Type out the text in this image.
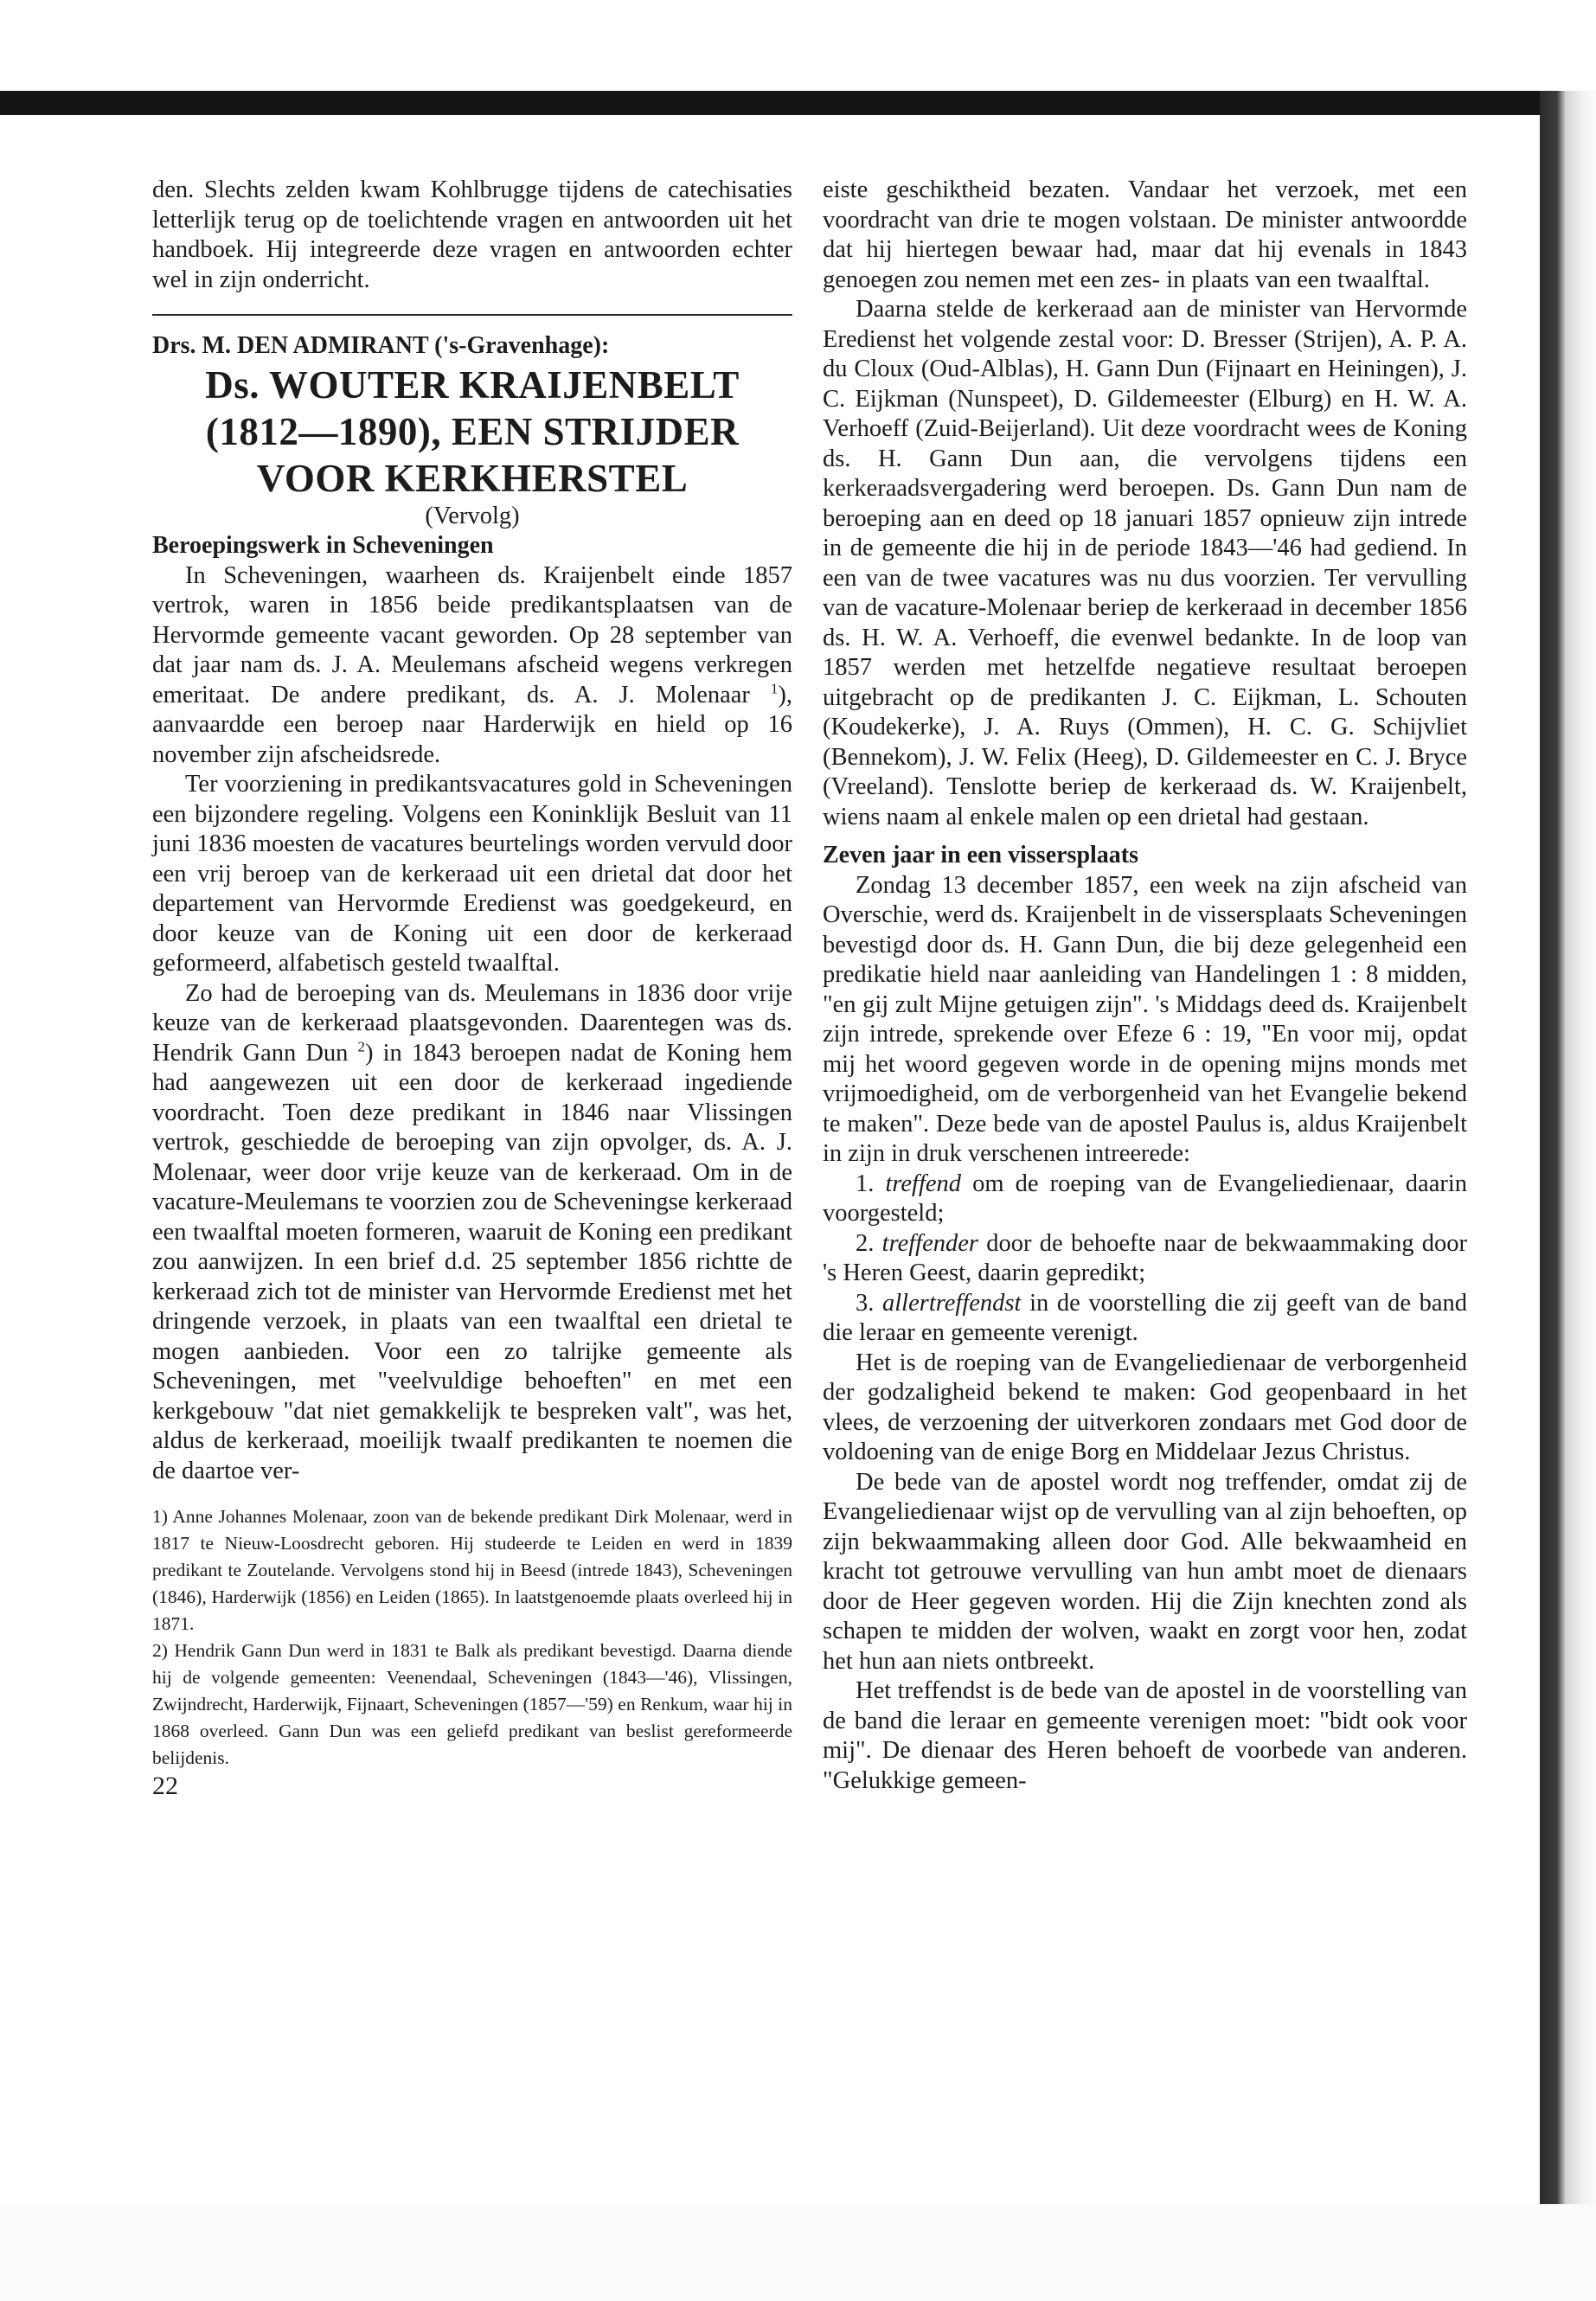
den. Slechts zelden kwam Kohlbrugge tijdens de catechisaties letterlijk terug op de toelichtende vragen en antwoorden uit het handboek. Hij integreerde deze vragen en antwoorden echter wel in zijn onderricht.

Drs. M. DEN ADMIRANT ('s-Gravenhage):

Ds. WOUTER KRAIJENBELT

(1812—1890), EEN STRIJDER

VOOR KERKHERSTEL

(Vervolg)

Beroepingswerk in Scheveningen

In Scheveningen, waarheen ds. Kraijenbelt einde 1857 vertrok, waren in 1856 beide predikantsplaatsen van de Hervormde gemeente vacant geworden. Op 28 september van dat jaar nam ds. J. A. Meulemans afscheid wegens verkregen emeritaat. De andere predikant, ds. A. J. Molenaar $^1$), aanvaardde een beroep naar Harderwijk en hield op 16 november zijn afscheidsrede.

Ter voorziening in predikantsvacatures gold in Scheveningen een bijzondere regeling. Volgens een Koninklijk Besluit van 11 juni 1836 moesten de vacatures beurtelings worden vervuld door een vrij beroep van de kerkeraad uit een drietal dat door het departement van Hervormde Eredienst was goedgekeurd, en door keuze van de Koning uit een door de kerkeraad geformeerd, alfabetisch gesteld twaalftal.

Zo had de beroeping van ds. Meulemans in 1836 door vrije keuze van de kerkeraad plaatsgevonden. Daarentegen was ds. Hendrik Gann Dun $^2$) in 1843 beroepen nadat de Koning hem had aangewezen uit een door de kerkeraad ingediende voordracht. Toen deze predikant in 1846 naar Vlissingen vertrok, geschiedde de beroeping van zijn opvolger, ds. A. J. Molenaar, weer door vrije keuze van de kerkeraad. Om in de vacature-Meulemans te voorzien zou de Scheveningse kerkeraad een twaalftal moeten formeren, waaruit de Koning een predikant zou aanwijzen. In een brief d.d. 25 september 1856 richtte de kerkeraad zich tot de minister van Hervormde Eredienst met het dringende verzoek, in plaats van een twaalftal een drietal te mogen aanbieden. Voor een zo talrijke gemeente als Scheveningen, met "veelvuldige behoeften" en met een kerkgebouw "dat niet gemakkelijk te bespreken valt", was het, aldus de kerkeraad, moeilijk twaalf predikanten te noemen die de daartoe ver-

1) Anne Johannes Molenaar, zoon van de bekende predikant Dirk Molenaar, werd in 1817 te Nieuw-Loosdrecht geboren. Hij studeerde te Leiden en werd in 1839 predikant te Zoutelande. Vervolgens stond hij in Beesd (intrede 1843), Scheveningen (1846), Harderwijk (1856) en Leiden (1865). In laatstgenoemde plaats overleed hij in 1871.

2) Hendrik Gann Dun werd in 1831 te Balk als predikant bevestigd. Daarna diende hij de volgende gemeenten: Veenendaal, Scheveningen (1843—'46), Vlissingen, Zwijndrecht, Harderwijk, Fijnaart, Scheveningen (1857—'59) en Renkum, waar hij in 1868 overleed. Gann Dun was een geliefd predikant van beslist gereformeerde belijdenis.

22

eiste geschiktheid bezaten. Vandaar het verzoek, met een voordracht van drie te mogen volstaan. De minister antwoordde dat hij hiertegen bewaar had, maar dat hij evenals in 1843 genoegen zou nemen met een zes- in plaats van een twaalftal.

Daarna stelde de kerkeraad aan de minister van Hervormde Eredienst het volgende zestal voor: D. Bresser (Strijen), A. P. A. du Cloux (Oud-Alblas), H. Gann Dun (Fijnaart en Heiningen), J. C. Eijkman (Nunspeet), D. Gildemeester (Elburg) en H. W. A. Verhoeff (Zuid-Beijerland). Uit deze voordracht wees de Koning ds. H. Gann Dun aan, die vervolgens tijdens een kerkeraadsvergadering werd beroepen. Ds. Gann Dun nam de beroeping aan en deed op 18 januari 1857 opnieuw zijn intrede in de gemeente die hij in de periode 1843—'46 had gediend. In een van de twee vacatures was nu dus voorzien. Ter vervulling van de vacature-Molenaar beriep de kerkeraad in december 1856 ds. H. W. A. Verhoeff, die evenwel bedankte. In de loop van 1857 werden met hetzelfde negatieve resultaat beroepen uitgebracht op de predikanten J. C. Eijkman, L. Schouten (Koudekerke), J. A. Ruys (Ommen), H. C. G. Schijvliet (Bennekom), J. W. Felix (Heeg), D. Gildemeester en C. J. Bryce (Vreeland). Tenslotte beriep de kerkeraad ds. W. Kraijenbelt, wiens naam al enkele malen op een drietal had gestaan.

Zeven jaar in een vissersplaats

Zondag 13 december 1857, een week na zijn afscheid van Overschie, werd ds. Kraijenbelt in de vissersplaats Scheveningen bevestigd door ds. H. Gann Dun, die bij deze gelegenheid een predikatie hield naar aanleiding van Handelingen 1 : 8 midden, "en gij zult Mijne getuigen zijn". 's Middags deed ds. Kraijenbelt zijn intrede, sprekende over Efeze 6 : 19, "En voor mij, opdat mij het woord gegeven worde in de opening mijns monds met vrijmoedigheid, om de verborgenheid van het Evangelie bekend te maken". Deze bede van de apostel Paulus is, aldus Kraijenbelt in zijn in druk verschenen intreerede:

1. treffend om de roeping van de Evangeliedienaar, daarin voorgesteld;

2. treffender door de behoefte naar de bekwaammaking door 's Heren Geest, daarin gepredikt;

3. allertreffendst in de voorstelling die zij geeft van de band die leraar en gemeente verenigt.

Het is de roeping van de Evangeliedienaar de verborgenheid der godzaligheid bekend te maken: God geopenbaard in het vlees, de verzoening der uitverkoren zondaars met God door de voldoening van de enige Borg en Middelaar Jezus Christus.

De bede van de apostel wordt nog treffender, omdat zij de Evangeliedienaar wijst op de vervulling van al zijn behoeften, op zijn bekwaammaking alleen door God. Alle bekwaamheid en kracht tot getrouwe vervulling van hun ambt moet de dienaars door de Heer gegeven worden. Hij die Zijn knechten zond als schapen te midden der wolven, waakt en zorgt voor hen, zodat het hun aan niets ontbreekt.

Het treffendst is de bede van de apostel in de voorstelling van de band die leraar en gemeente verenigen moet: "bidt ook voor mij". De dienaar des Heren behoeft de voorbede van anderen. "Gelukkige gemeen-
